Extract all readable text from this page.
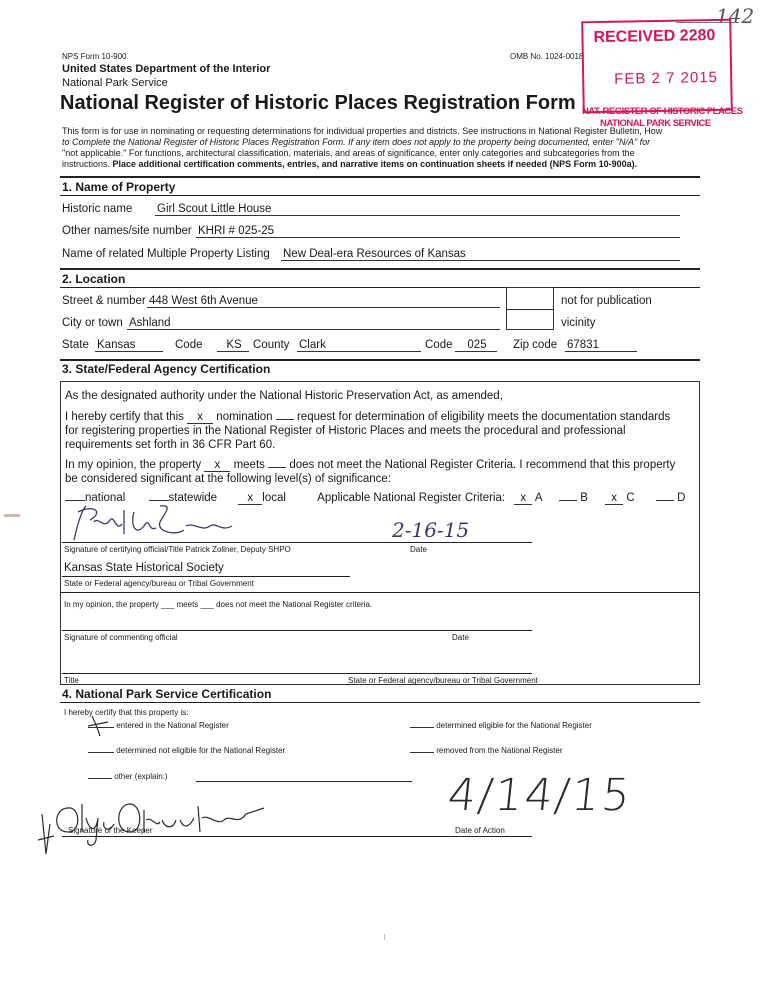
142
NPS Form 10-900	OMB No. 1024-0018
United States Department of the Interior
National Park Service
National Register of Historic Places Registration Form
This form is for use in nominating or requesting determinations for individual properties and districts. See instructions in National Register Bulletin, How
to Complete the National Register of Historic Places Registration Form. If any item does not apply to the property being documented, enter "N/A" for
"not applicable." For functions, architectural classification, materials, and areas of significance, enter only categories and subcategories from the
instructions. Place additional certification comments, entries, and narrative items on continuation sheets if needed (NPS Form 10-900a).
RECEIVED 2280
FEB 2 7 2015
NAT. REGISTER OF HISTORIC PLACES
NATIONAL PARK SERVICE
1. Name of Property
Historic name Girl Scout Little House
Other names/site number KHRI # 025-25
Name of related Multiple Property Listing New Deal-era Resources of Kansas
2. Location
Street & number 448 West 6th Avenue	not for publication
City or town Ashland	vicinity
State Kansas	Code	KS County Clark	Code	025	Zip code 67831
3. State/Federal Agency Certification
As the designated authority under the National Historic Preservation Act, as amended,
I hereby certify that this x nomination request for determination of eligibility meets the documentation standards
for registering properties in the National Register of Historic Places and meets the procedural and professional
requirements set forth in 36 CFR Part 60.
In my opinion, the property x meets does not meet the National Register Criteria. I recommend that this property
be considered significant at the following level(s) of significance:
national	statewide	x local	Applicable National Register Criteria: x A	B x C	D
2-16-15
Signature of certifying official/Title Patrick Zollner, Deputy SHPO	Date
Kansas State Historical Society
State or Federal agency/bureau or Tribal Government
In my opinion, the property ___ meets ___ does not meet the National Register criteria.
Signature of commenting official	Date
Title	State or Federal agency/bureau or Tribal Government
4. National Park Service Certification
I hereby certify that this property is:
entered in the National Register	determined eligible for the National Register
determined not eligible for the National Register	removed from the National Register
other (explain:)
Signature of the Keeper
4/14/15
Date of Action
